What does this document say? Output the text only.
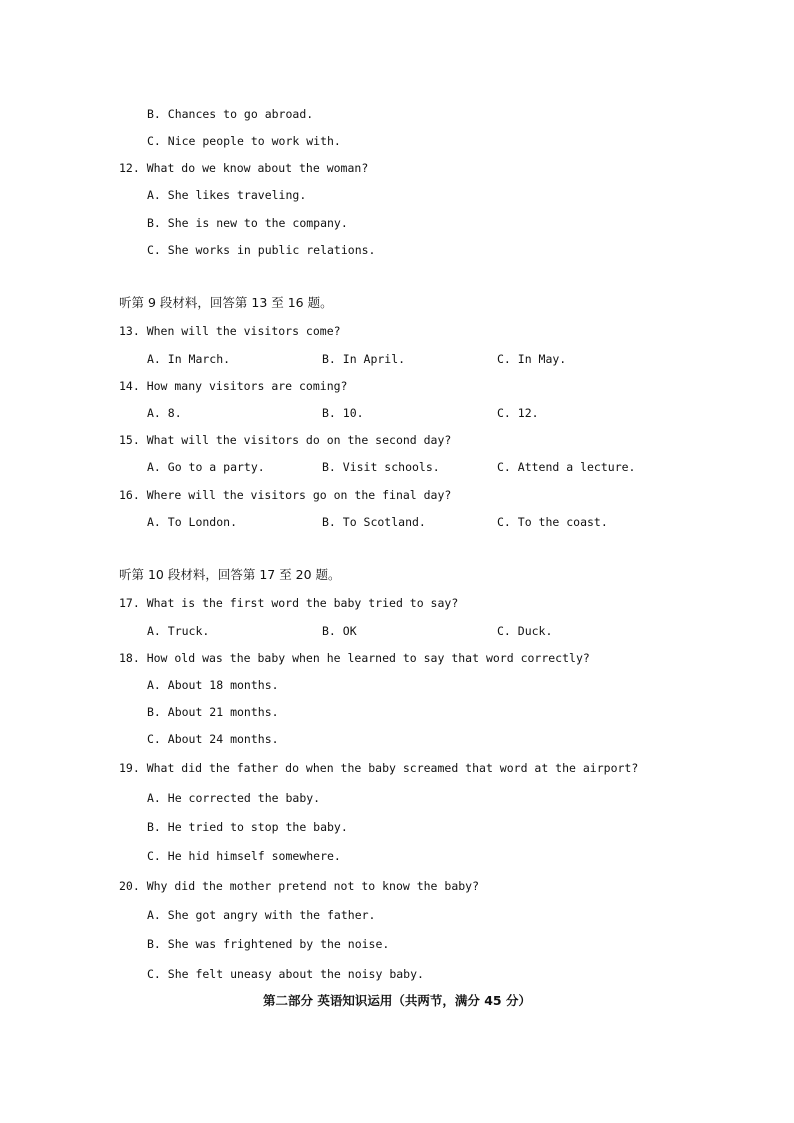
B. Chances to go abroad.
C. Nice people to work with.
12. What do we know about the woman?
A. She likes traveling.
B. She is new to the company.
C. She works in public relations.
听第 9 段材料，回答第 13 至 16 题。
13. When will the visitors come?
A. In March.	B. In April.	C. In May.
14. How many visitors are coming?
A. 8.	B. 10.	C. 12.
15. What will the visitors do on the second day?
A. Go to a party.	B. Visit schools.	C. Attend a lecture.
16. Where will the visitors go on the final day?
A. To London.	B. To Scotland.	C. To the coast.
听第 10 段材料，回答第 17 至 20 题。
17. What is the first word the baby tried to say?
A. Truck.	B. OK	C. Duck.
18. How old was the baby when he learned to say that word correctly?
A. About 18 months.
B. About 21 months.
C. About 24 months.
19. What did the father do when the baby screamed that word at the airport?
A. He corrected the baby.
B. He tried to stop the baby.
C. He hid himself somewhere.
20. Why did the mother pretend not to know the baby?
A. She got angry with the father.
B. She was frightened by the noise.
C. She felt uneasy about the noisy baby.
第二部分 英语知识运用（共两节，满分 45 分）
